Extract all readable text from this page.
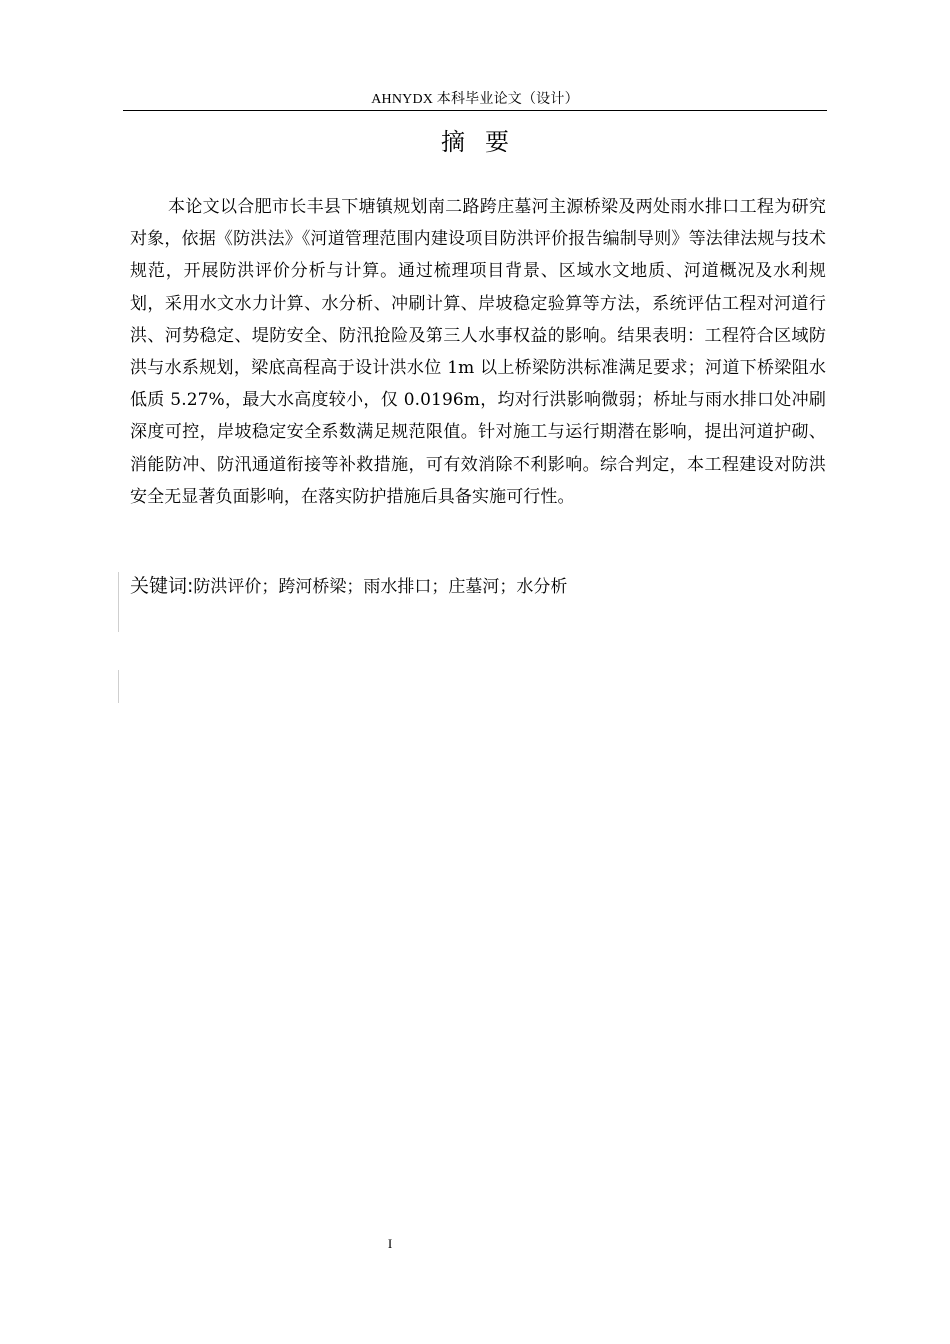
AHNYDX 本科毕业论文（设计）
摘要

本论文以合肥市长丰县下塘镇规划南二路跨庄墓河主源桥梁及两处雨水排口工程为研究对象，依据《防洪法》《河道管理范围内建设项目防洪评价报告编制导则》等法律法规与技术规范，开展防洪评价分析与计算。通过梳理项目背景、区域水文地质、河道概况及水利规划，采用水文水力计算、水分析、冲刷计算、岸坡稳定验算等方法，系统评估工程对河道行洪、河势稳定、堤防安全、防汛抢险及第三人水事权益的影响。结果表明：工程符合区域防洪与水系规划，梁底高程高于设计洪水位 1m 以上桥梁防洪标准满足要求；河道下桥梁阻水低质 5.27%，最大水高度较小，仅 0.0196m，均对行洪影响微弱；桥址与雨水排口处冲刷深度可控，岸坡稳定安全系数满足规范限值。针对施工与运行期潜在影响，提出河道护砌、消能防冲、防汛通道衔接等补救措施，可有效消除不利影响。综合判定，本工程建设对防洪安全无显著负面影响，在落实防护措施后具备实施可行性。

关键词:防洪评价；跨河桥梁；雨水排口；庄墓河；水分析
I
